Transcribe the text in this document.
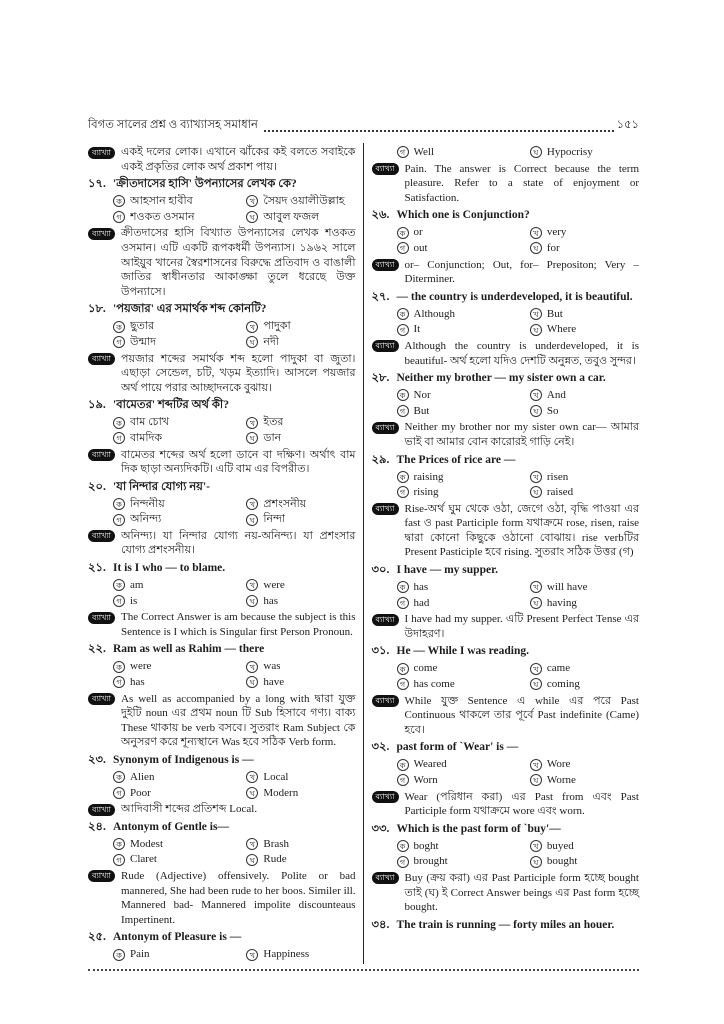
বিগত সালের প্রশ্ন ও ব্যাখ্যাসহ সমাধান	১৫১
ব্যাখ্যা একই দলের লোক। এখানে ঝাঁকের কই বলতে সবাইকে একই প্রকৃতির লোক অর্থ প্রকাশ পায়।
১৭. 'ক্রীতদাসের হাসি' উপন্যাসের লেখক কে?
ক আহসান হাবীব	খ সৈয়দ ওয়ালীউল্লাহ
গ শওকত ওসমান	ঘ আবুল ফজল
ব্যাখ্যা ক্রীতদাসের হাসি বিখ্যাত উপন্যাসের লেখক শওকত ওসমান। এটি একটি রূপকধর্মী উপন্যাস। ১৯৬২ সালে আইয়ুব খানের স্বৈরশাসনের বিরুদ্ধে প্রতিবাদ ও বাঙালী জাতির স্বাধীনতার আকাঙ্ক্ষা তুলে ধরেছে উক্ত উপন্যাসে।
১৮. 'পয়জার' এর সমার্থক শব্দ কোনটি?
ক ছুতার	খ পাদুকা
গ উন্মাদ	ঘ নদী
ব্যাখ্যা পয়জার শব্দের সমার্থক শব্দ হলো পাদুকা বা জুতা। এছাড়া সেন্ডেল, চটি, খড়ম ইত্যাদি। আসলে পয়জার অর্থ পায়ে পরার আচ্ছাদনকে বুঝায়।
১৯. 'বামেতর' শব্দটির অর্থ কী?
ক বাম চোখ	খ ইতর
গ বামদিক	ঘ ডান
ব্যাখ্যা বামেতর শব্দের অর্থ হলো ডানে বা দক্ষিণ। অর্থাৎ বাম দিক ছাড়া অন্যদিকটি। এটি বাম এর বিপরীত।
২০. 'যা নিন্দার যোগ্য নয়'-
ক নিন্দনীয়	খ প্রশংসনীয়
গ অনিন্দ্য	ঘ নিন্দা
ব্যাখ্যা অনিন্দ্য। যা নিন্দার যোগ্য নয়-অনিন্দ্য। যা প্রশংসার যোগ্য প্রশংসনীয়।
২১. It is I who — to blame.
ক am	খ were
গ is	ঘ has
ব্যাখ্যা The Correct Answer is am because the subject is this Sentence is I which is Singular first Person Pronoun.
২২. Ram as well as Rahim — there
ক were	খ was
গ has	ঘ have
ব্যাখ্যা As well as accompanied by a long with দ্বারা যুক্ত দুইটি noun এর প্রথম noun টি Sub হিসাবে গণ্য। বাক্য These থাকায় be verb বসবে। সুতরাং Ram Subject কে অনুসরণ করে শূন্যস্থানে Was হবে সঠিক Verb form.
২৩. Synonym of Indigenous is —
ক Alien	খ Local
গ Poor	ঘ Modern
ব্যাখ্যা আদিবাসী শব্দের প্রতিশব্দ Local.
২৪. Antonym of Gentle is—
ক Modest	খ Brash
গ Claret	ঘ Rude
ব্যাখ্যা Rude (Adjective) offensively. Polite or bad mannered, She had been rude to her boos. Similer ill. Mannered bad- Mannered impolite discounteaus Impertinent.
২৫. Antonym of Pleasure is —
ক Pain	খ Happiness
গ Well	ঘ Hypocrisy
ব্যাখ্যা Pain. The answer is Correct because the term pleasure. Refer to a state of enjoyment or Satisfaction.
২৬. Which one is Conjunction?
ক or	খ very
গ out	ঘ for
ব্যাখ্যা or– Conjunction; Out, for– Prepositon; Very – Diterminer.
২৭. — the country is underdeveloped, it is beautiful.
ক Although	খ But
গ It	ঘ Where
ব্যাখ্যা Although the country is underdeveloped, it is beautiful- অর্থ হলো যদিও দেশটি অনুন্নত, তবুও সুন্দর।
২৮. Neither my brother — my sister own a car.
ক Nor	খ And
গ But	ঘ So
ব্যাখ্যা Neither my brother nor my sister own car— আমার ভাই বা আমার বোন কারোরই গাড়ি নেই।
২৯. The Prices of rice are —
ক raising	খ risen
গ rising	ঘ raised
ব্যাখ্যা Rise-অর্থ ঘুম থেকে ওঠা, জেগে ওঠা, বৃদ্ধি পাওয়া এর fast ও past Participle form যথাক্রমে rose, risen, raise দ্বারা কোনো কিছুকে ওঠানো বোঝায়। rise verbটির Present Pasticiple হবে rising. সুতরাং সঠিক উত্তর (গ)
৩০. I have — my supper.
ক has	খ will have
গ had	ঘ having
ব্যাখ্যা I have had my supper. এটি Present Perfect Tense এর উদাহরণ।
৩১. He — While I was reading.
ক come	খ came
গ has come	ঘ coming
ব্যাখ্যা While যুক্ত Sentence এ while এর পরে Past Continuous থাকলে তার পূর্বে Past indefinite (Came) হবে।
৩২. past form of `Wear' is —
ক Weared	খ Wore
গ Worn	ঘ Worne
ব্যাখ্যা Wear (পরিধান করা) এর Past from এবং Past Participle form যথাক্রমে wore এবং worn.
৩৩. Which is the past form of `buy'—
ক boght	খ buyed
গ brought	ঘ bought
ব্যাখ্যা Buy (ক্রয় করা) এর Past Participle form হচ্ছে bought তাই (ঘ) ই Correct Answer beings এর Past form হচ্ছে bought.
৩৪. The train is running — forty miles an houer.
